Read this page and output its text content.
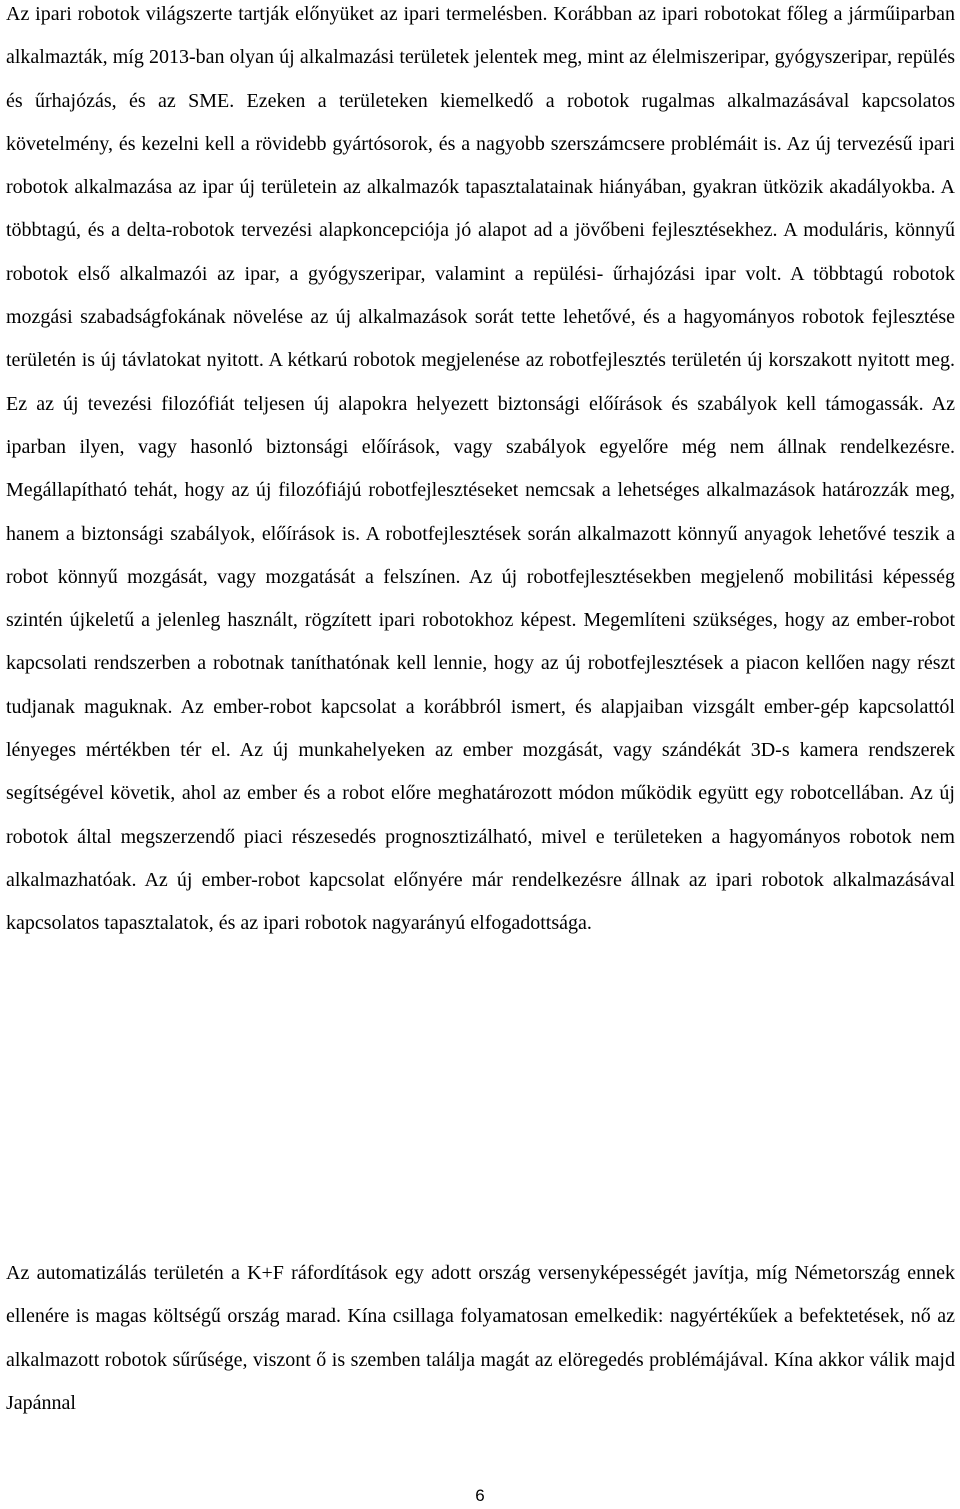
Az ipari robotok világszerte tartják előnyüket az ipari termelésben. Korábban az ipari robotokat főleg a járműiparban alkalmazták, míg 2013-ban olyan új alkalmazási területek jelentek meg, mint az élelmiszeripar, gyógyszeripar, repülés és űrhajózás, és az SME. Ezeken a területeken kiemelkedő a robotok rugalmas alkalmazásával kapcsolatos követelmény, és kezelni kell a rövidebb gyártósorok, és a nagyobb szerszámcsere problémáit is. Az új tervezésű ipari robotok alkalmazása az ipar új területein az alkalmazók tapasztalatainak hiányában, gyakran ütközik akadályokba. A többtagú, és a delta-robotok tervezési alapkoncepciója jó alapot ad a jövőbeni fejlesztésekhez. A moduláris, könnyű robotok első alkalmazói az ipar, a gyógyszeripar, valamint a repülési- űrhajózási ipar volt. A többtagú robotok mozgási szabadságfokának növelése az új alkalmazások sorát tette lehetővé, és a hagyományos robotok fejlesztése területén is új távlatokat nyitott. A kétkarú robotok megjelenése az robotfejlesztés területén új korszakott nyitott meg. Ez az új tevezési filozófiát teljesen új alapokra helyezett biztonsági előírások és szabályok kell támogassák. Az iparban ilyen, vagy hasonló biztonsági előírások, vagy szabályok egyelőre még nem állnak rendelkezésre. Megállapítható tehát, hogy az új filozófiájú robotfejlesztéseket nemcsak a lehetséges alkalmazások határozzák meg, hanem a biztonsági szabályok, előírások is. A robotfejlesztések során alkalmazott könnyű anyagok lehetővé teszik a robot könnyű mozgását, vagy mozgatását a felszínen. Az új robotfejlesztésekben megjelenő mobilitási képesség szintén újkeletű a jelenleg használt, rögzített ipari robotokhoz képest. Megemlíteni szükséges, hogy az ember-robot kapcsolati rendszerben a robotnak taníthatónak kell lennie, hogy az új robotfejlesztések a piacon kellően nagy részt tudjanak maguknak. Az ember-robot kapcsolat a korábbról ismert, és alapjaiban vizsgált ember-gép kapcsolattól lényeges mértékben tér el. Az új munkahelyeken az ember mozgását, vagy szándékát 3D-s kamera rendszerek segítségével követik, ahol az ember és a robot előre meghatározott módon működik együtt egy robotcellában. Az új robotok által megszerzendő piaci részesedés prognosztizálható, mivel e területeken a hagyományos robotok nem alkalmazhatóak. Az új ember-robot kapcsolat előnyére már rendelkezésre állnak az ipari robotok alkalmazásával kapcsolatos tapasztalatok, és az ipari robotok nagyarányú elfogadottsága.

Az automatizálás területén a K+F ráfordítások egy adott ország versenyképességét javítja, míg Németország ennek ellenére is magas költségű ország marad. Kína csillaga folyamatosan emelkedik: nagyértékűek a befektetések, nő az alkalmazott robotok sűrűsége, viszont ő is szemben találja magát az elöregedés problémájával. Kína akkor válik majd Japánnal

6
